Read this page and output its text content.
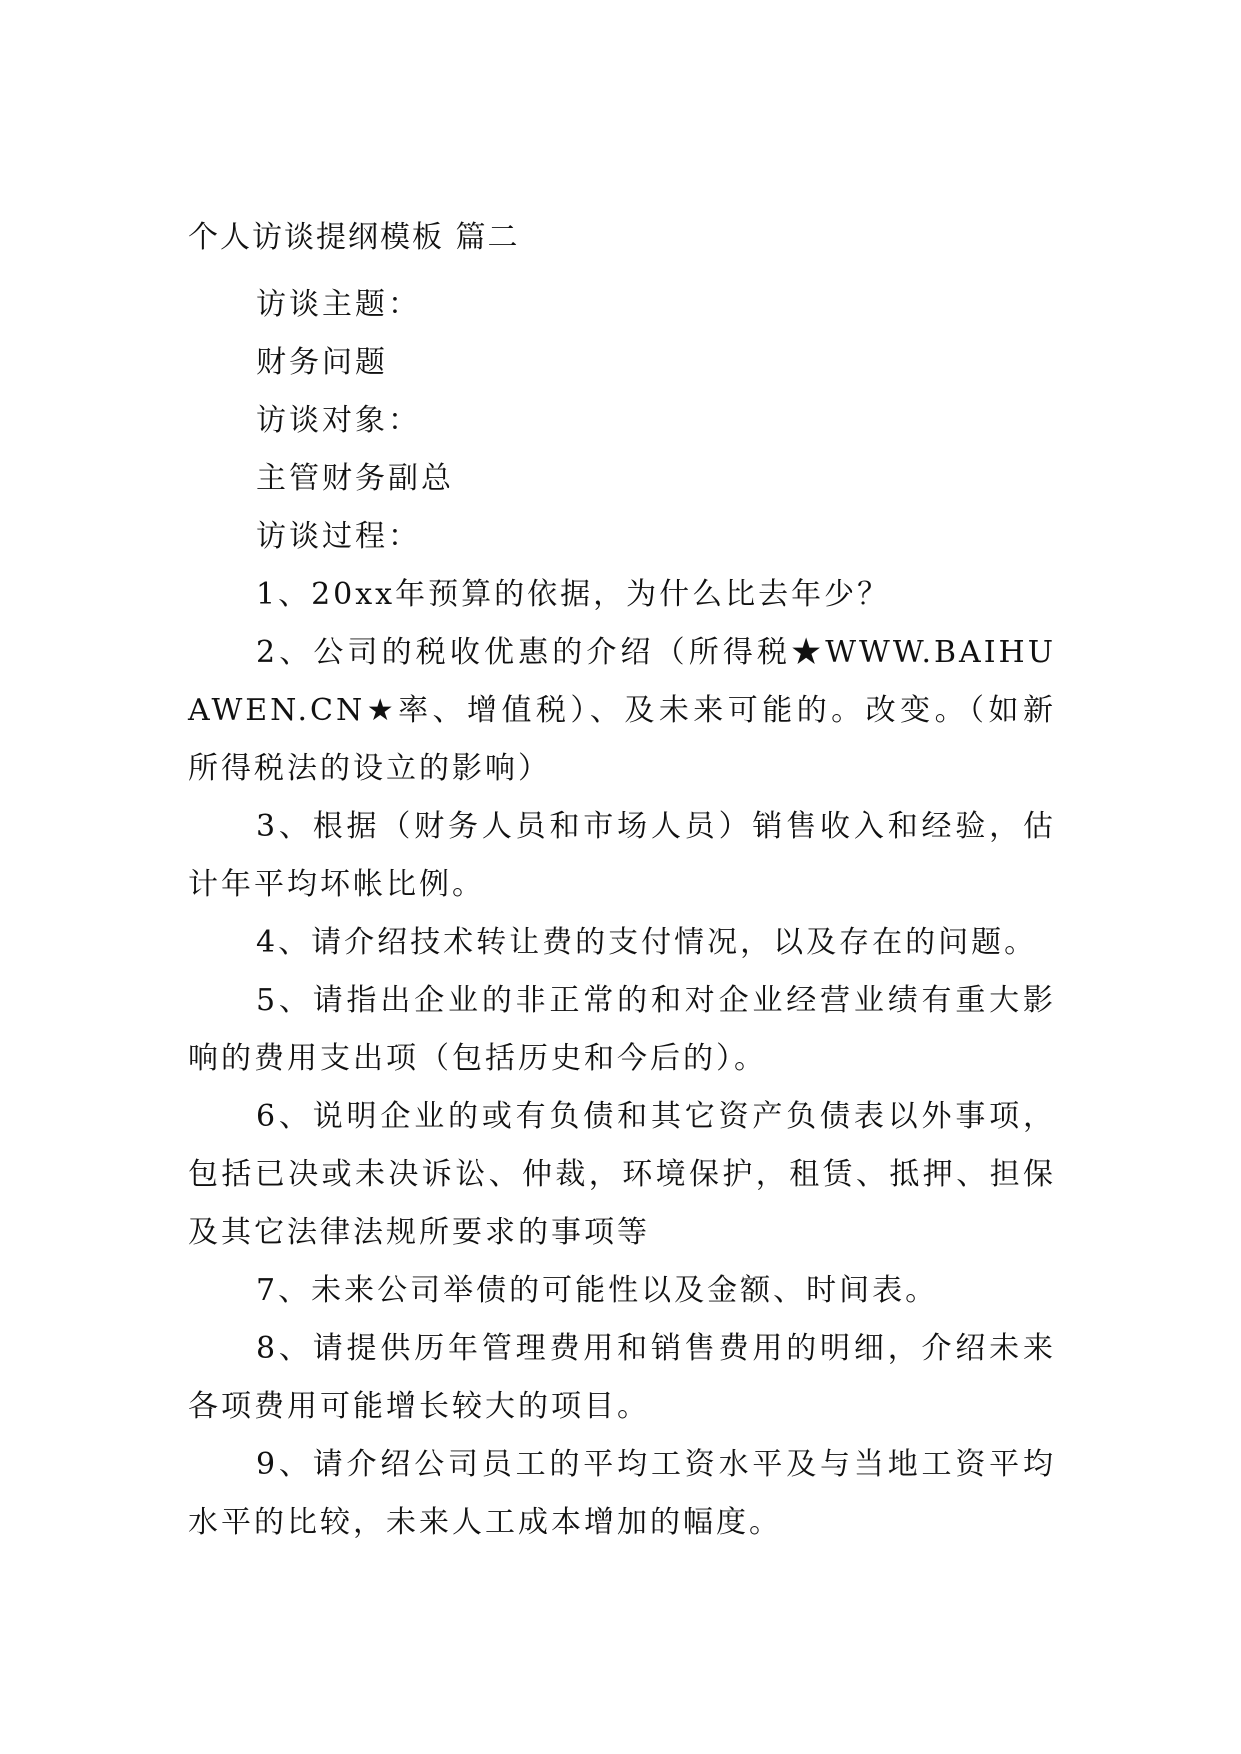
个人访谈提纲模板 篇二

访谈主题：

财务问题

访谈对象：

主管财务副总

访谈过程：

1、20xx年预算的依据，为什么比去年少？

2、公司的税收优惠的介绍（所得税★WWW.BAIHUAWEN.CN★率、增值税）、及未来可能的。改变。（如新所得税法的设立的影响）

3、根据（财务人员和市场人员）销售收入和经验，估计年平均坏帐比例。

4、请介绍技术转让费的支付情况，以及存在的问题。

5、请指出企业的非正常的和对企业经营业绩有重大影响的费用支出项（包括历史和今后的）。

6、说明企业的或有负债和其它资产负债表以外事项，包括已决或未决诉讼、仲裁，环境保护，租赁、抵押、担保及其它法律法规所要求的事项等

7、未来公司举债的可能性以及金额、时间表。

8、请提供历年管理费用和销售费用的明细，介绍未来各项费用可能增长较大的项目。

9、请介绍公司员工的平均工资水平及与当地工资平均水平的比较，未来人工成本增加的幅度。
